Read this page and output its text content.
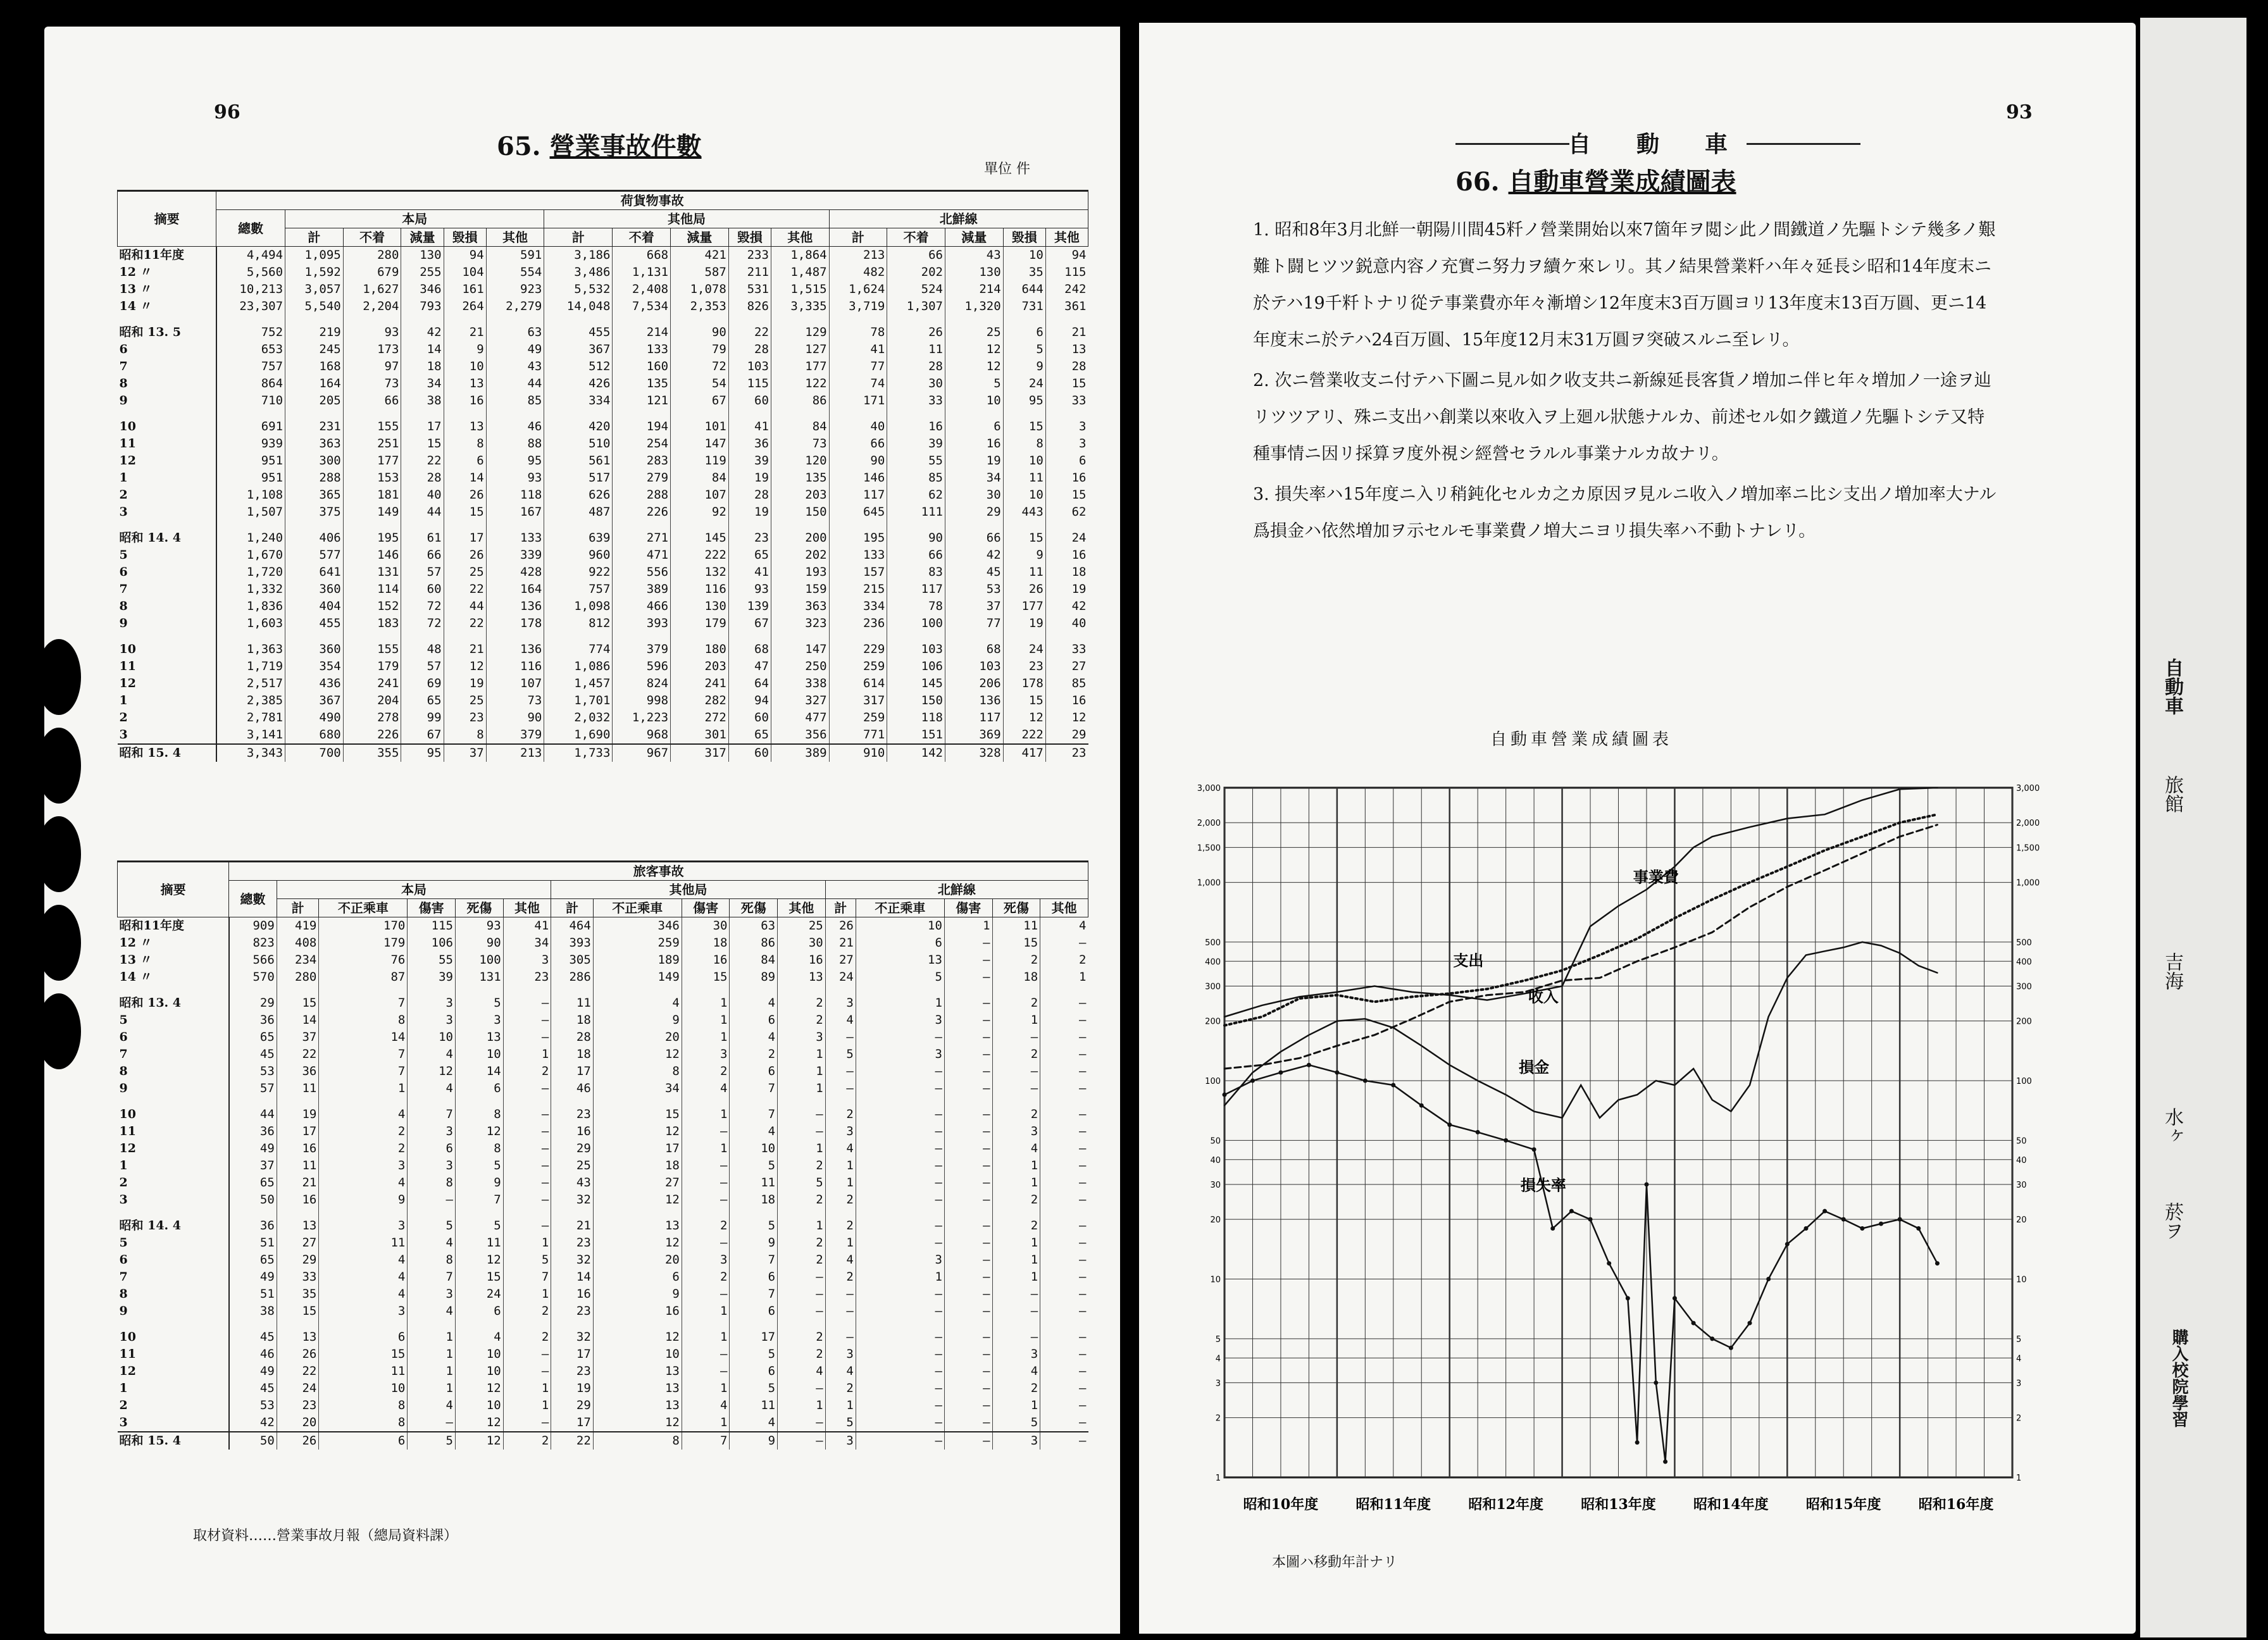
96
65. 營業事故件數
單位 件
摘要	荷貨物事故															
	總數	本局					其他局					北鮮線				
		計	不着	減量	毀損	其他	計	不着	減量	毀損	其他	計	不着	減量	毀損	其他
昭和11年度	4,494	1,095	280	130	94	591	3,186	668	421	233	1,864	213	66	43	10	94
12 〃	5,560	1,592	679	255	104	554	3,486	1,131	587	211	1,487	482	202	130	35	115
13 〃	10,213	3,057	1,627	346	161	923	5,532	2,408	1,078	531	1,515	1,624	524	214	644	242
14 〃	23,307	5,540	2,204	793	264	2,279	14,048	7,534	2,353	826	3,335	3,719	1,307	1,320	731	361
昭和 13. 5	752	219	93	42	21	63	455	214	90	22	129	78	26	25	6	21
6	653	245	173	14	9	49	367	133	79	28	127	41	11	12	5	13
7	757	168	97	18	10	43	512	160	72	103	177	77	28	12	9	28
8	864	164	73	34	13	44	426	135	54	115	122	74	30	5	24	15
9	710	205	66	38	16	85	334	121	67	60	86	171	33	10	95	33
10	691	231	155	17	13	46	420	194	101	41	84	40	16	6	15	3
11	939	363	251	15	8	88	510	254	147	36	73	66	39	16	8	3
12	951	300	177	22	6	95	561	283	119	39	120	90	55	19	10	6
1	951	288	153	28	14	93	517	279	84	19	135	146	85	34	11	16
2	1,108	365	181	40	26	118	626	288	107	28	203	117	62	30	10	15
3	1,507	375	149	44	15	167	487	226	92	19	150	645	111	29	443	62
昭和 14. 4	1,240	406	195	61	17	133	639	271	145	23	200	195	90	66	15	24
5	1,670	577	146	66	26	339	960	471	222	65	202	133	66	42	9	16
6	1,720	641	131	57	25	428	922	556	132	41	193	157	83	45	11	18
7	1,332	360	114	60	22	164	757	389	116	93	159	215	117	53	26	19
8	1,836	404	152	72	44	136	1,098	466	130	139	363	334	78	37	177	42
9	1,603	455	183	72	22	178	812	393	179	67	323	236	100	77	19	40
10	1,363	360	155	48	21	136	774	379	180	68	147	229	103	68	24	33
11	1,719	354	179	57	12	116	1,086	596	203	47	250	259	106	103	23	27
12	2,517	436	241	69	19	107	1,457	824	241	64	338	614	145	206	178	85
1	2,385	367	204	65	25	73	1,701	998	282	94	327	317	150	136	15	16
2	2,781	490	278	99	23	90	2,032	1,223	272	60	477	259	118	117	12	12
3	3,141	680	226	67	8	379	1,690	968	301	65	356	771	151	369	222	29
昭和 15. 4	3,343	700	355	95	37	213	1,733	967	317	60	389	910	142	328	417	23
摘要	旅客事故															
	總數	本局					其他局					北鮮線				
		計	不正乘車	傷害	死傷	其他	計	不正乘車	傷害	死傷	其他	計	不正乘車	傷害	死傷	其他
昭和11年度	909	419	170	115	93	41	464	346	30	63	25	26	10	1	11	4
12 〃	823	408	179	106	90	34	393	259	18	86	30	21	6	—	15	—
13 〃	566	234	76	55	100	3	305	189	16	84	16	27	13	—	2	2
14 〃	570	280	87	39	131	23	286	149	15	89	13	24	5	—	18	1
昭和 13. 4	29	15	7	3	5	—	11	4	1	4	2	3	1	—	2	—
5	36	14	8	3	3	—	18	9	1	6	2	4	3	—	1	—
6	65	37	14	10	13	—	28	20	1	4	3	—	—	—	—	—
7	45	22	7	4	10	1	18	12	3	2	1	5	3	—	2	—
8	53	36	7	12	14	2	17	8	2	6	1	—	—	—	—	—
9	57	11	1	4	6	—	46	34	4	7	1	—	—	—	—	—
10	44	19	4	7	8	—	23	15	1	7	—	2	—	—	2	—
11	36	17	2	3	12	—	16	12	—	4	—	3	—	—	3	—
12	49	16	2	6	8	—	29	17	1	10	1	4	—	—	4	—
1	37	11	3	3	5	—	25	18	—	5	2	1	—	—	1	—
2	65	21	4	8	9	—	43	27	—	11	5	1	—	—	1	—
3	50	16	9	—	7	—	32	12	—	18	2	2	—	—	2	—
昭和 14. 4	36	13	3	5	5	—	21	13	2	5	1	2	—	—	2	—
5	51	27	11	4	11	1	23	12	—	9	2	1	—	—	1	—
6	65	29	4	8	12	5	32	20	3	7	2	4	3	—	1	—
7	49	33	4	7	15	7	14	6	2	6	—	2	1	—	1	—
8	51	35	4	3	24	1	16	9	—	7	—	—	—	—	—	—
9	38	15	3	4	6	2	23	16	1	6	—	—	—	—	—	—
10	45	13	6	1	4	2	32	12	1	17	2	—	—	—	—	—
11	46	26	15	1	10	—	17	10	—	5	2	3	—	—	3	—
12	49	22	11	1	10	—	23	13	—	6	4	4	—	—	4	—
1	45	24	10	1	12	1	19	13	1	5	—	2	—	—	2	—
2	53	23	8	4	10	1	29	13	4	11	1	1	—	—	1	—
3	42	20	8	—	12	—	17	12	1	4	—	5	—	—	5	—
昭和 15. 4	50	26	6	5	12	2	22	8	7	9	—	3	—	—	3	—
取材資料……營業事故月報（總局資料課）
93
自　　動　　車
66. 自動車營業成績圖表
1. 昭和8年3月北鮮一朝陽川間45粁ノ營業開始以來7箇年ヲ閲シ此ノ間鐵道ノ先驅トシテ幾多ノ艱難ト闘ヒツツ鋭意内容ノ充實ニ努力ヲ續ケ來レリ。其ノ結果營業粁ハ年々延長シ昭和14年度末ニ於テハ19千粁トナリ從テ事業費亦年々漸増シ12年度末3百万圓ヨリ13年度末13百万圓、更ニ14年度末ニ於テハ24百万圓、15年度12月末31万圓ヲ突破スルニ至レリ。
2. 次ニ營業收支ニ付テハ下圖ニ見ル如ク收支共ニ新線延長客貨ノ増加ニ伴ヒ年々増加ノ一途ヲ辿リツツアリ、殊ニ支出ハ創業以來收入ヲ上廻ル狀態ナルカ、前述セル如ク鐵道ノ先驅トシテ又特種事情ニ因リ採算ヲ度外視シ經營セラルル事業ナルカ故ナリ。
3. 損失率ハ15年度ニ入リ稍鈍化セルカ之カ原因ヲ見ルニ收入ノ増加率ニ比シ支出ノ増加率大ナル爲損金ハ依然増加ヲ示セルモ事業費ノ増大ニヨリ損失率ハ不動トナレリ。
自動車營業成績圖表
1	1
2	2
3	3
4	4
5	5
10	10
20	20
30	30
40	40
50	50
100	100
200	200
300	300
400	400
500	500
1,000	1,000
1,500	1,500
2,000	2,000
3,000	3,000
昭和10年度	昭和11年度	昭和12年度	昭和13年度	昭和14年度	昭和15年度	昭和16年度
事業費
支出
收入
損金
損失率
本圖ハ移動年計ナリ
自動車
旅館
吉海
水ヶ
菸ヲ
購入校院學習
